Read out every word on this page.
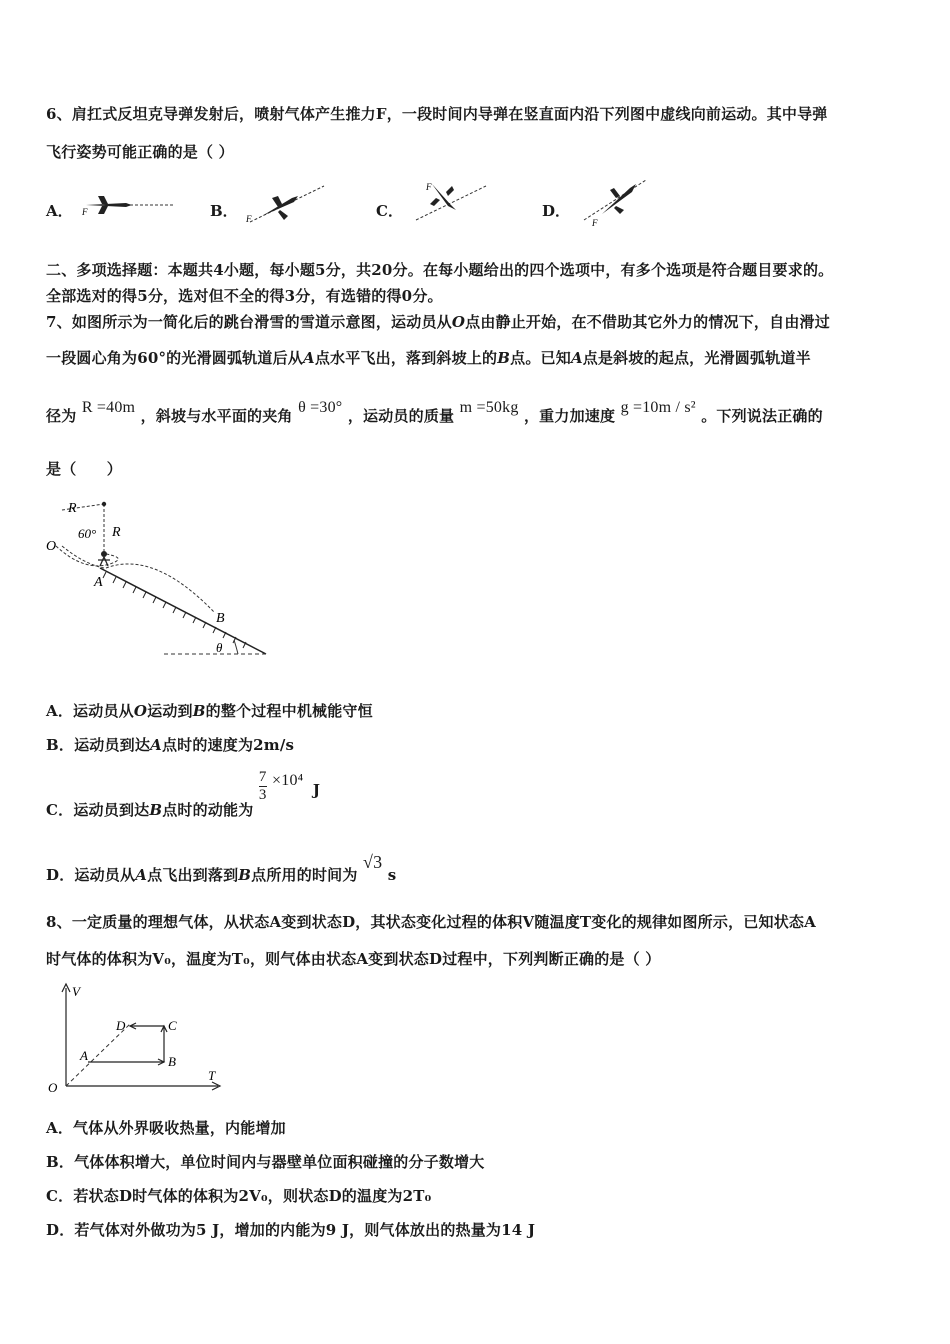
6、肩扛式反坦克导弹发射后，喷射气体产生推力F，一段时间内导弹在竖直面内沿下列图中虚线向前运动。其中导弹
飞行姿势可能正确的是（ ）
A． F	B． F	C．
F
D．
F
二、多项选择题：本题共4小题，每小题5分，共20分。在每小题给出的四个选项中，有多个选项是符合题目要求的。
全部选对的得5分，选对但不全的得3分，有选错的得0分。
7、如图所示为一简化后的跳台滑雪的雪道示意图，运动员从O点由静止开始，在不借助其它外力的情况下，自由滑过
一段圆心角为60°的光滑圆弧轨道后从A点水平飞出，落到斜坡上的B点。已知A点是斜坡的起点，光滑圆弧轨道半
径为 R =40m ，斜坡与水平面的夹角 θ =30° ，运动员的质量 m =50kg ，重力加速度 g =10m / s² 。下列说法正确的
是（　　）
R
R
60°
O
A
B
θ
A．运动员从O运动到B的整个过程中机械能守恒
B．运动员到达A点时的速度为2m/s
C．运动员到达B点时的动能为
$\frac{7}{3} \times 10^4$ J
D．运动员从A点飞出到落到B点所用的时间为 √3 s
8、一定质量的理想气体，从状态A变到状态D，其状态变化过程的体积V随温度T变化的规律如图所示，已知状态A
时气体的体积为V₀，温度为T₀，则气体由状态A变到状态D过程中，下列判断正确的是（ ）
V
T
O
A	B
C
D
A．气体从外界吸收热量，内能增加
B．气体体积增大，单位时间内与器壁单位面积碰撞的分子数增大
C．若状态D时气体的体积为2V₀，则状态D的温度为2T₀
D．若气体对外做功为5 J，增加的内能为9 J，则气体放出的热量为14 J
